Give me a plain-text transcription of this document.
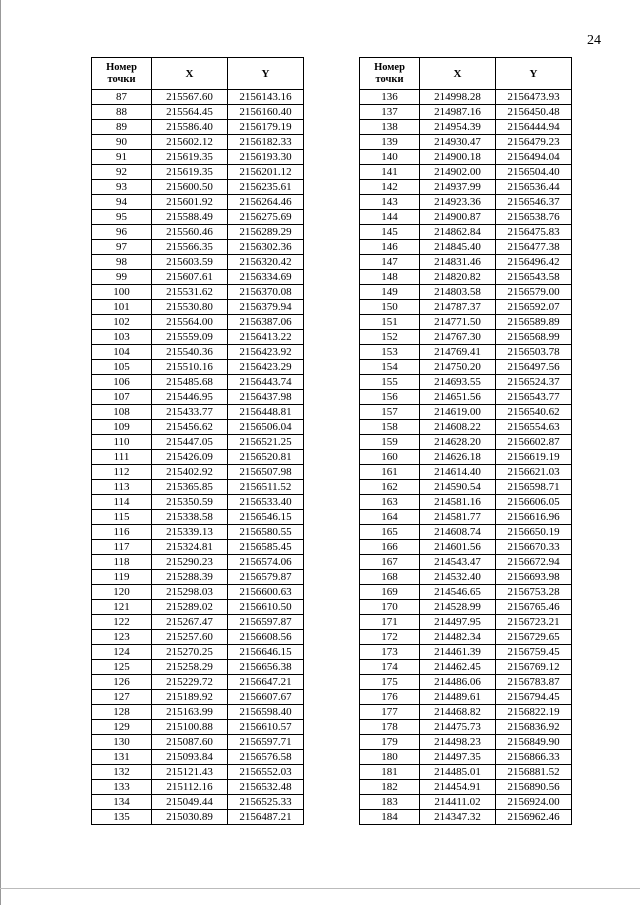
24
Номер
точки	X	Y
87	215567.60	2156143.16
88	215564.45	2156160.40
89	215586.40	2156179.19
90	215602.12	2156182.33
91	215619.35	2156193.30
92	215619.35	2156201.12
93	215600.50	2156235.61
94	215601.92	2156264.46
95	215588.49	2156275.69
96	215560.46	2156289.29
97	215566.35	2156302.36
98	215603.59	2156320.42
99	215607.61	2156334.69
100	215531.62	2156370.08
101	215530.80	2156379.94
102	215564.00	2156387.06
103	215559.09	2156413.22
104	215540.36	2156423.92
105	215510.16	2156423.29
106	215485.68	2156443.74
107	215446.95	2156437.98
108	215433.77	2156448.81
109	215456.62	2156506.04
110	215447.05	2156521.25
111	215426.09	2156520.81
112	215402.92	2156507.98
113	215365.85	2156511.52
114	215350.59	2156533.40
115	215338.58	2156546.15
116	215339.13	2156580.55
117	215324.81	2156585.45
118	215290.23	2156574.06
119	215288.39	2156579.87
120	215298.03	2156600.63
121	215289.02	2156610.50
122	215267.47	2156597.87
123	215257.60	2156608.56
124	215270.25	2156646.15
125	215258.29	2156656.38
126	215229.72	2156647.21
127	215189.92	2156607.67
128	215163.99	2156598.40
129	215100.88	2156610.57
130	215087.60	2156597.71
131	215093.84	2156576.58
132	215121.43	2156552.03
133	215112.16	2156532.48
134	215049.44	2156525.33
135	215030.89	2156487.21
Номер
точки	X	Y
136	214998.28	2156473.93
137	214987.16	2156450.48
138	214954.39	2156444.94
139	214930.47	2156479.23
140	214900.18	2156494.04
141	214902.00	2156504.40
142	214937.99	2156536.44
143	214923.36	2156546.37
144	214900.87	2156538.76
145	214862.84	2156475.83
146	214845.40	2156477.38
147	214831.46	2156496.42
148	214820.82	2156543.58
149	214803.58	2156579.00
150	214787.37	2156592.07
151	214771.50	2156589.89
152	214767.30	2156568.99
153	214769.41	2156503.78
154	214750.20	2156497.56
155	214693.55	2156524.37
156	214651.56	2156543.77
157	214619.00	2156540.62
158	214608.22	2156554.63
159	214628.20	2156602.87
160	214626.18	2156619.19
161	214614.40	2156621.03
162	214590.54	2156598.71
163	214581.16	2156606.05
164	214581.77	2156616.96
165	214608.74	2156650.19
166	214601.56	2156670.33
167	214543.47	2156672.94
168	214532.40	2156693.98
169	214546.65	2156753.28
170	214528.99	2156765.46
171	214497.95	2156723.21
172	214482.34	2156729.65
173	214461.39	2156759.45
174	214462.45	2156769.12
175	214486.06	2156783.87
176	214489.61	2156794.45
177	214468.82	2156822.19
178	214475.73	2156836.92
179	214498.23	2156849.90
180	214497.35	2156866.33
181	214485.01	2156881.52
182	214454.91	2156890.56
183	214411.02	2156924.00
184	214347.32	2156962.46
